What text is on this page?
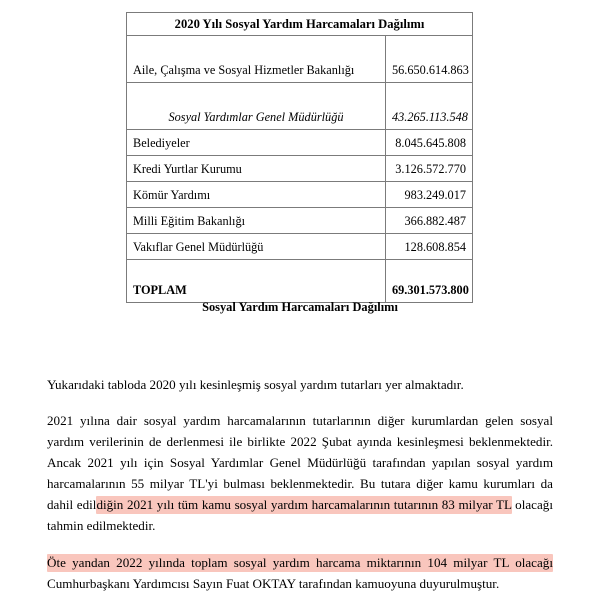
2020 Yılı Sosyal Yardım Harcamaları Dağılımı	
Aile, Çalışma ve Sosyal Hizmetler Bakanlığı	56.650.614.863
Sosyal Yardımlar Genel Müdürlüğü	43.265.113.548
Belediyeler	8.045.645.808
Kredi Yurtlar Kurumu	3.126.572.770
Kömür Yardımı	983.249.017
Milli Eğitim Bakanlığı	366.882.487
Vakıflar Genel Müdürlüğü	128.608.854
TOPLAM	69.301.573.800
Sosyal Yardım Harcamaları Dağılımı

Yukarıdaki tabloda 2020 yılı kesinleşmiş sosyal yardım tutarları yer almaktadır.

2021 yılına dair sosyal yardım harcamalarının tutarlarının diğer kurumlardan gelen sosyal yardım verilerinin de derlenmesi ile birlikte 2022 Şubat ayında kesinleşmesi beklenmektedir. Ancak 2021 yılı için Sosyal Yardımlar Genel Müdürlüğü tarafından yapılan sosyal yardım harcamalarının 55 milyar TL'yi bulması beklenmektedir. Bu tutara diğer kamu kurumları da dahil edildiğin 2021 yılı tüm kamu sosyal yardım harcamalarının tutarının 83 milyar TL olacağı tahmin edilmektedir.

Öte yandan 2022 yılında toplam sosyal yardım harcama miktarının 104 milyar TL olacağı Cumhurbaşkanı Yardımcısı Sayın Fuat OKTAY tarafından kamuoyuna duyurulmuştur.
